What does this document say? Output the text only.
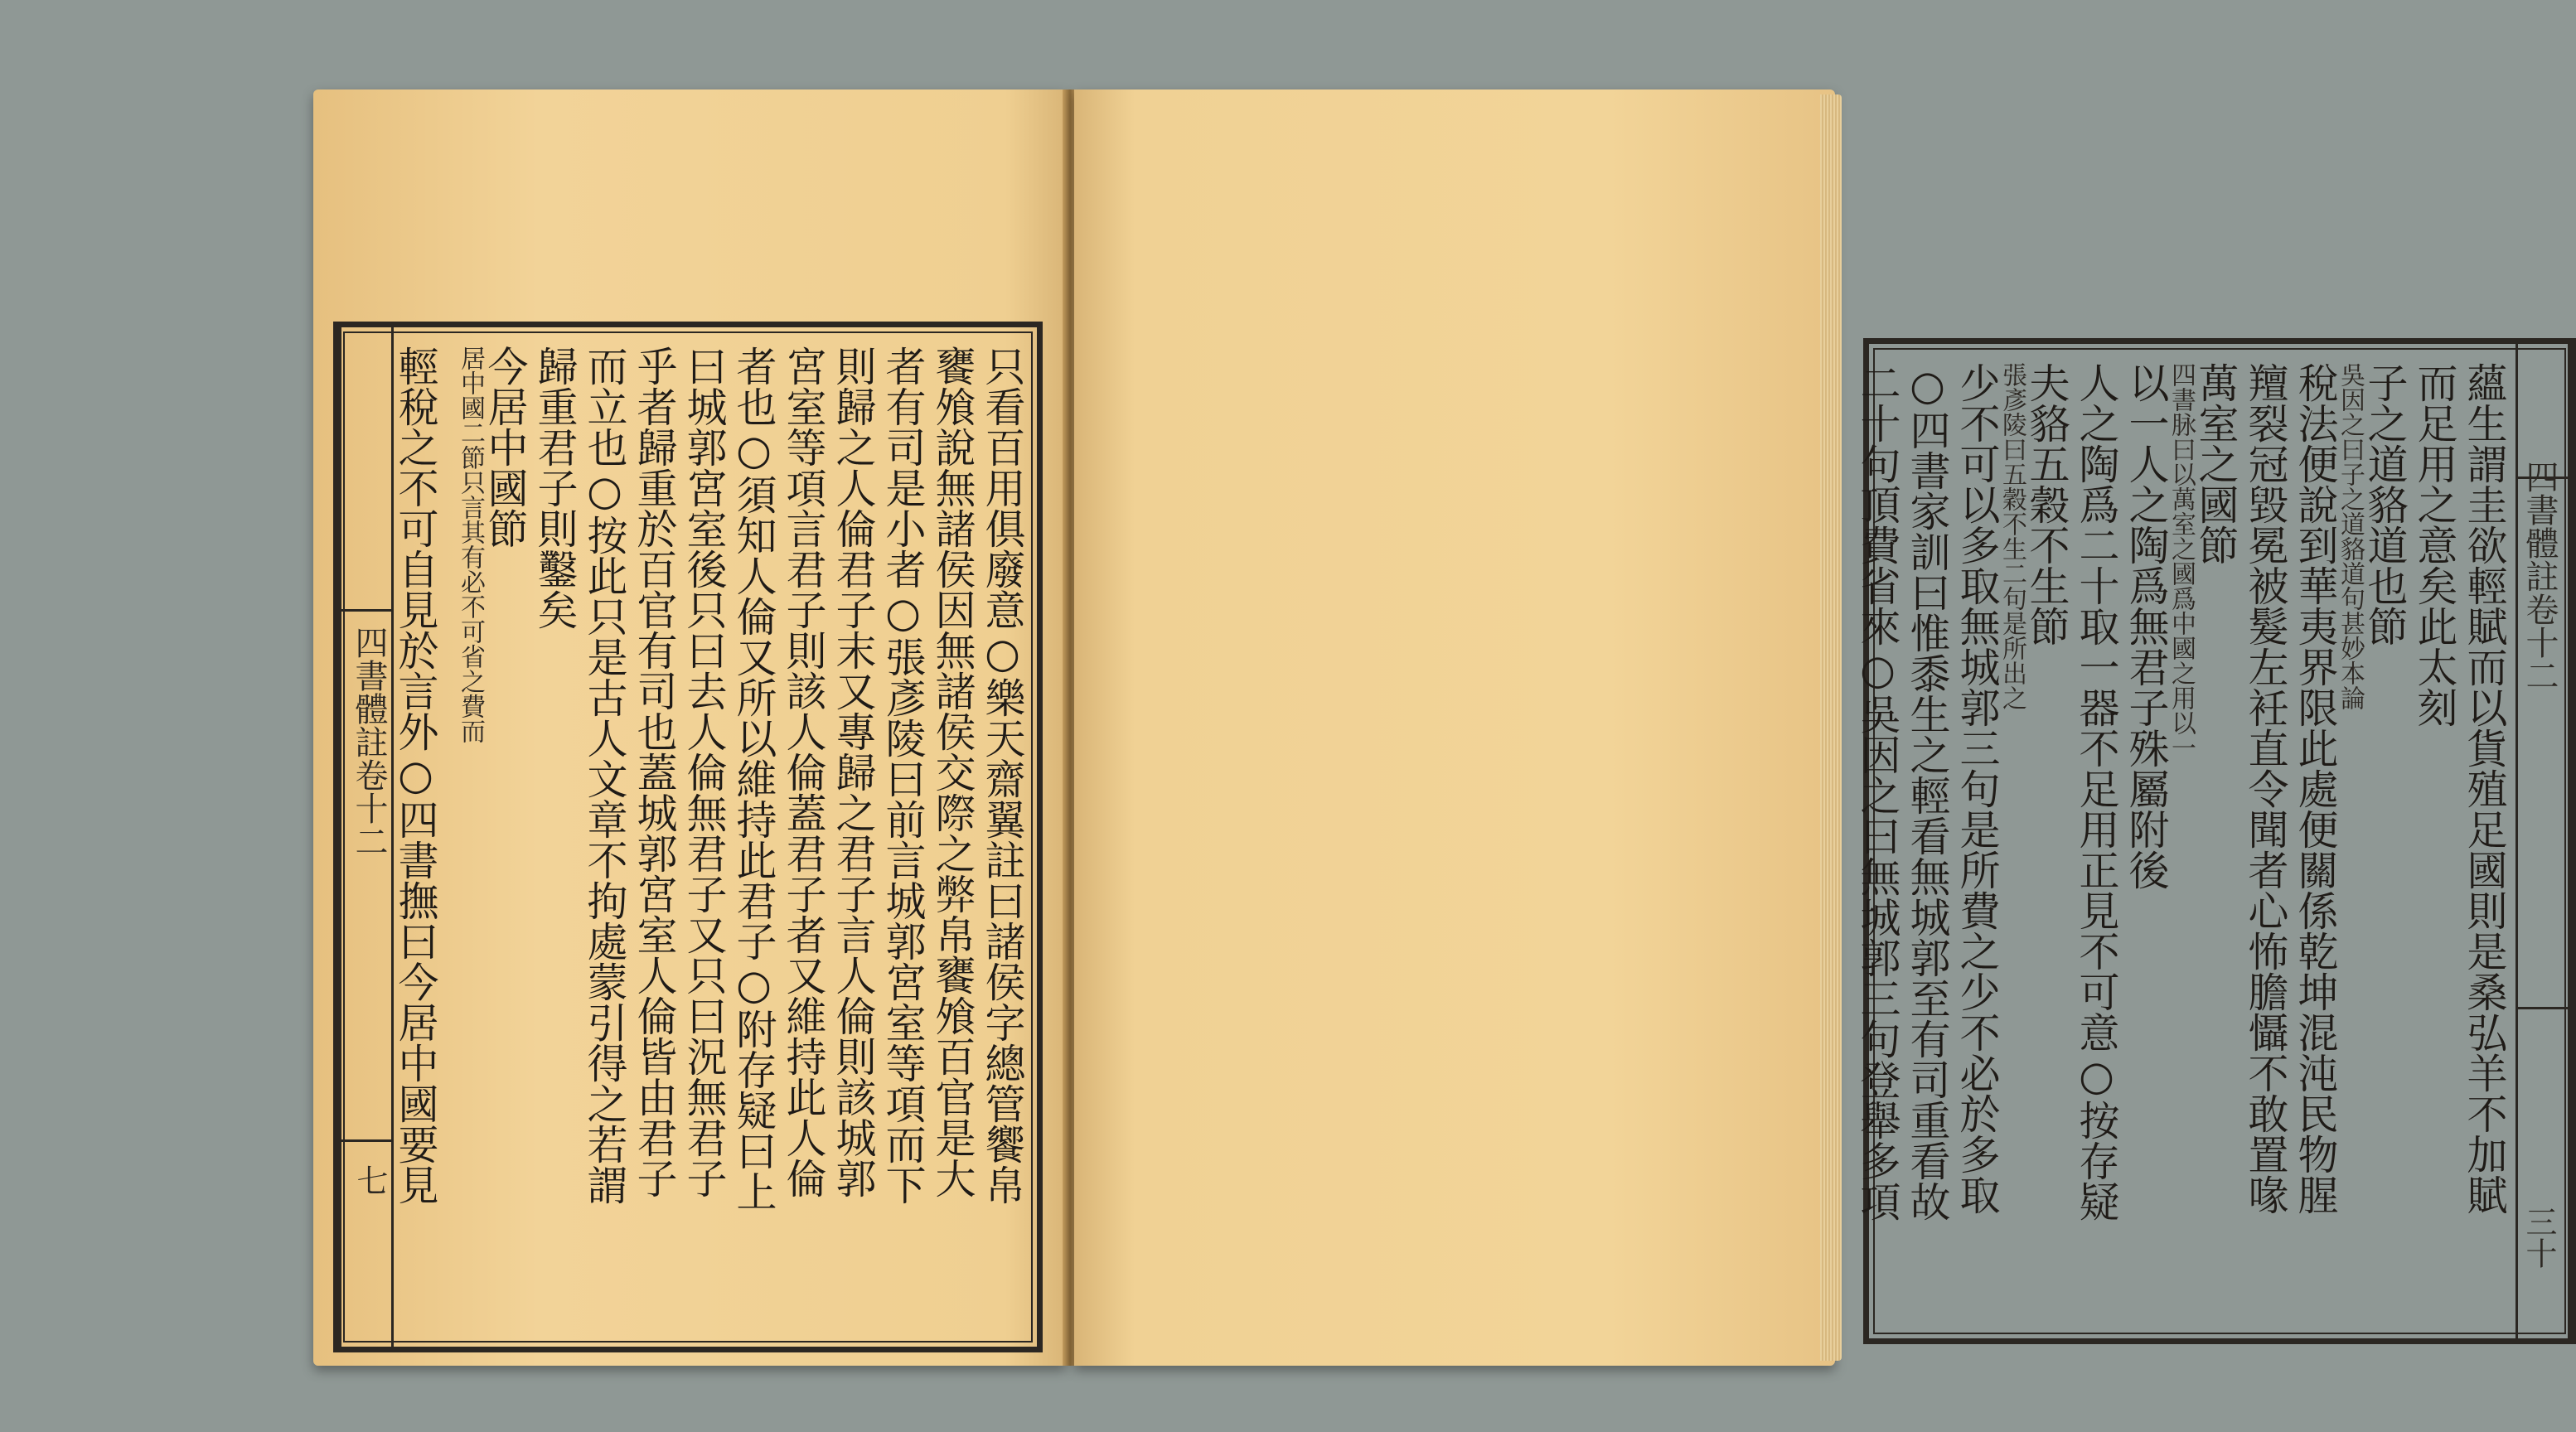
四書體註卷十二
七	只看百用俱廢意○樂天齋翼註曰諸侯字總管饗帛
饔飧說無諸侯因無諸侯交際之弊帛饔飧百官是大
者有司是小者○張彥陵曰前言城郭宮室等項而下
則歸之人倫君子末又專歸之君子言人倫則該城郭
宮室等項言君子則該人倫蓋君子者又維持此人倫
者也○須知人倫又所以維持此君子○附存疑曰上
曰城郭宮室後只曰去人倫無君子又只曰況無君子
乎者歸重於百官有司也蓋城郭宮室人倫皆由君子
而立也○按此只是古人文章不拘處蒙引得之若謂
歸重君子則鑿矣
今居中國節
居中國二節只言其有必不可省之費而
輕稅之不可自見於言外○四書撫曰今居中國要見	四書體註卷十二
三十
蘊生謂圭欲輕賦而以貨殖足國則是桑弘羊不加賦
而足用之意矣此太刻
子之道貉道也節
吳因之曰子之道貉道句甚妙本論
稅法便說到華夷界限此處便關係乾坤混沌民物腥
羶裂冠毀冕被髮左衽直令聞者心怖膽懾不敢置喙
萬室之國節
四書脉曰以萬室之國爲中國之用以一
以一人之陶爲無君子殊屬附後
人之陶爲二十取一器不足用正見不可意○按存疑
夫貉五穀不生節
張彥陵曰五穀不生二句是所出之
少不可以多取無城郭三句是所費之少不必於多取
○四書家訓曰惟黍生之輕看無城郭至有司重看故
二十句頂費省來○吳因之曰無城郭三句登舉多項
